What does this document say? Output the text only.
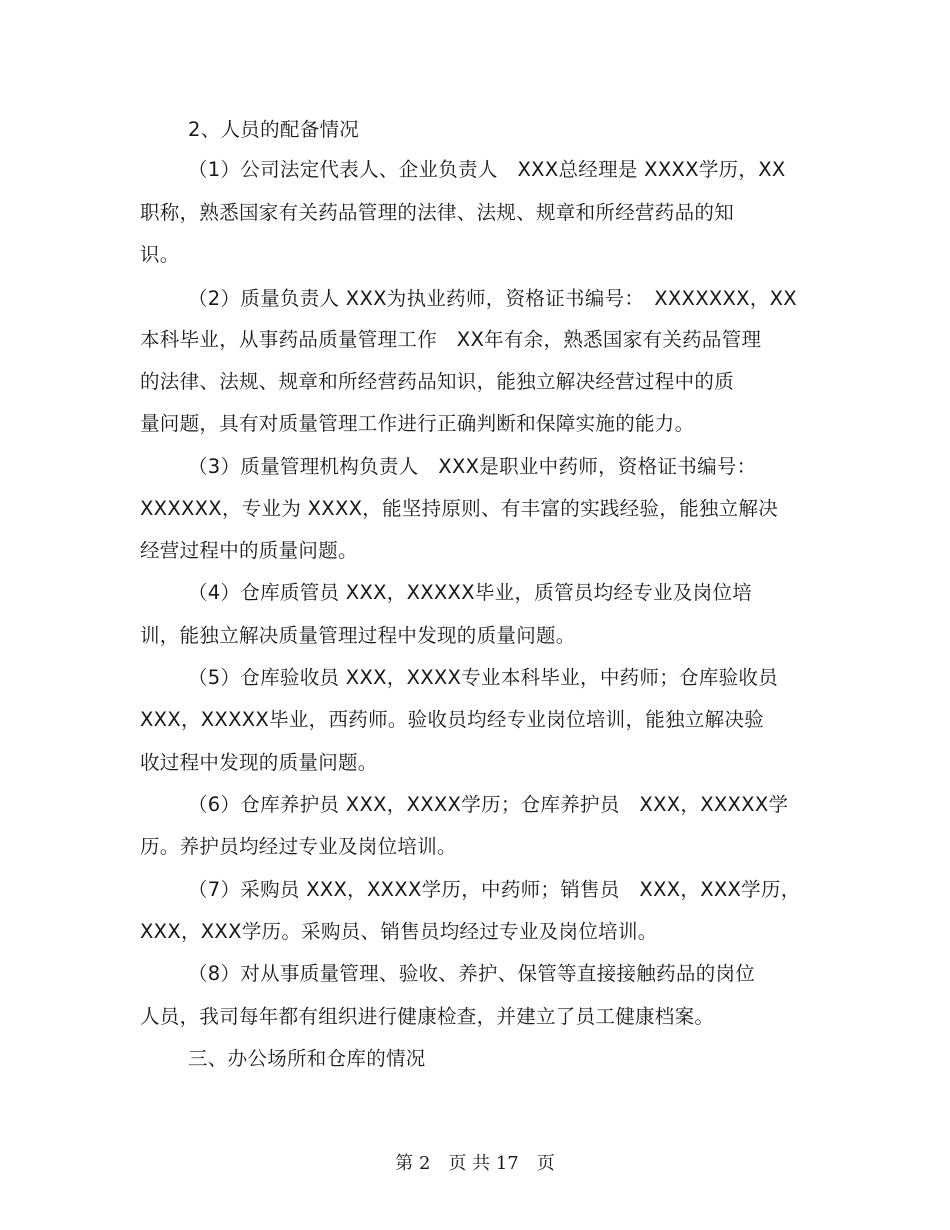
2、人员的配备情况
（1）公司法定代表人、企业负责人　XXX总经理是 XXXX学历，XX
职称，熟悉国家有关药品管理的法律、法规、规章和所经营药品的知
识。
（2）质量负责人 XXX为执业药师，资格证书编号：　XXXXXXX，XX
本科毕业，从事药品质量管理工作　XX年有余，熟悉国家有关药品管理
的法律、法规、规章和所经营药品知识，能独立解决经营过程中的质
量问题，具有对质量管理工作进行正确判断和保障实施的能力。
（3）质量管理机构负责人　XXX是职业中药师，资格证书编号：
XXXXXX，专业为 XXXX，能坚持原则、有丰富的实践经验，能独立解决
经营过程中的质量问题。
（4）仓库质管员 XXX，XXXXX毕业，质管员均经专业及岗位培
训，能独立解决质量管理过程中发现的质量问题。
（5）仓库验收员 XXX，XXXX专业本科毕业，中药师；仓库验收员
XXX，XXXXX毕业，西药师。验收员均经专业岗位培训，能独立解决验
收过程中发现的质量问题。
（6）仓库养护员 XXX，XXXX学历；仓库养护员　XXX，XXXXX学
历。养护员均经过专业及岗位培训。
（7）采购员 XXX，XXXX学历，中药师；销售员　XXX，XXX学历，
XXX，XXX学历。采购员、销售员均经过专业及岗位培训。
（8）对从事质量管理、验收、养护、保管等直接接触药品的岗位
人员，我司每年都有组织进行健康检查，并建立了员工健康档案。
三、办公场所和仓库的情况
第 2　页 共 17　页
